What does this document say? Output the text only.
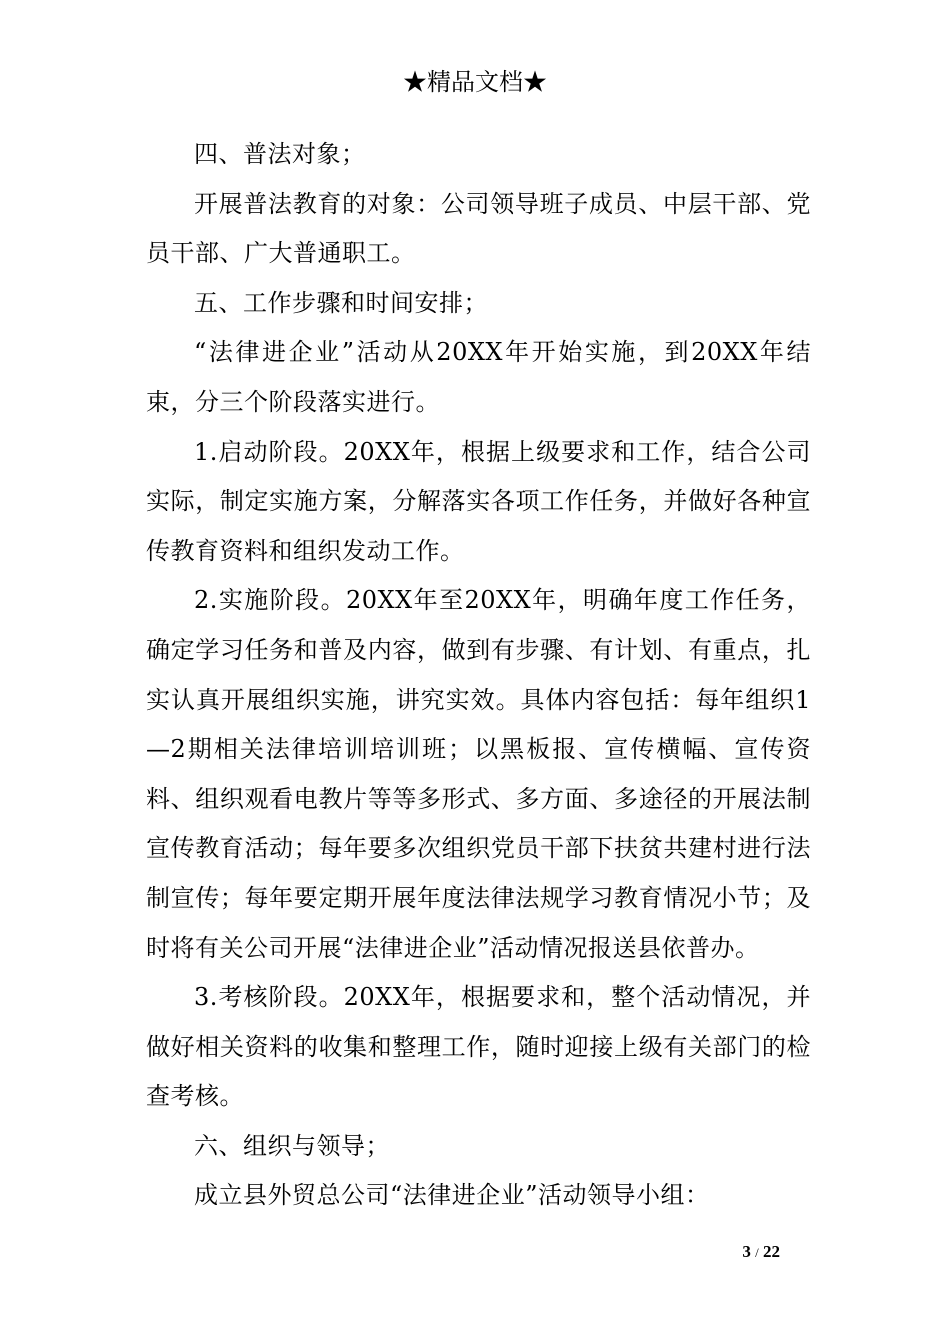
★精品文档★

四、普法对象；

开展普法教育的对象：公司领导班子成员、中层干部、党员干部、广大普通职工。

五、工作步骤和时间安排；

“法律进企业”活动从20XX年开始实施，到20XX年结束，分三个阶段落实进行。

1.启动阶段。20XX年，根据上级要求和工作，结合公司实际，制定实施方案，分解落实各项工作任务，并做好各种宣传教育资料和组织发动工作。

2.实施阶段。20XX年至20XX年，明确年度工作任务，确定学习任务和普及内容，做到有步骤、有计划、有重点，扎实认真开展组织实施，讲究实效。具体内容包括：每年组织1—2期相关法律培训培训班；以黑板报、宣传横幅、宣传资料、组织观看电教片等等多形式、多方面、多途径的开展法制宣传教育活动；每年要多次组织党员干部下扶贫共建村进行法制宣传；每年要定期开展年度法律法规学习教育情况小节；及时将有关公司开展“法律进企业”活动情况报送县依普办。

3.考核阶段。20XX年，根据要求和，整个活动情况，并做好相关资料的收集和整理工作，随时迎接上级有关部门的检查考核。

六、组织与领导；

成立县外贸总公司“法律进企业”活动领导小组：

3 / 22
